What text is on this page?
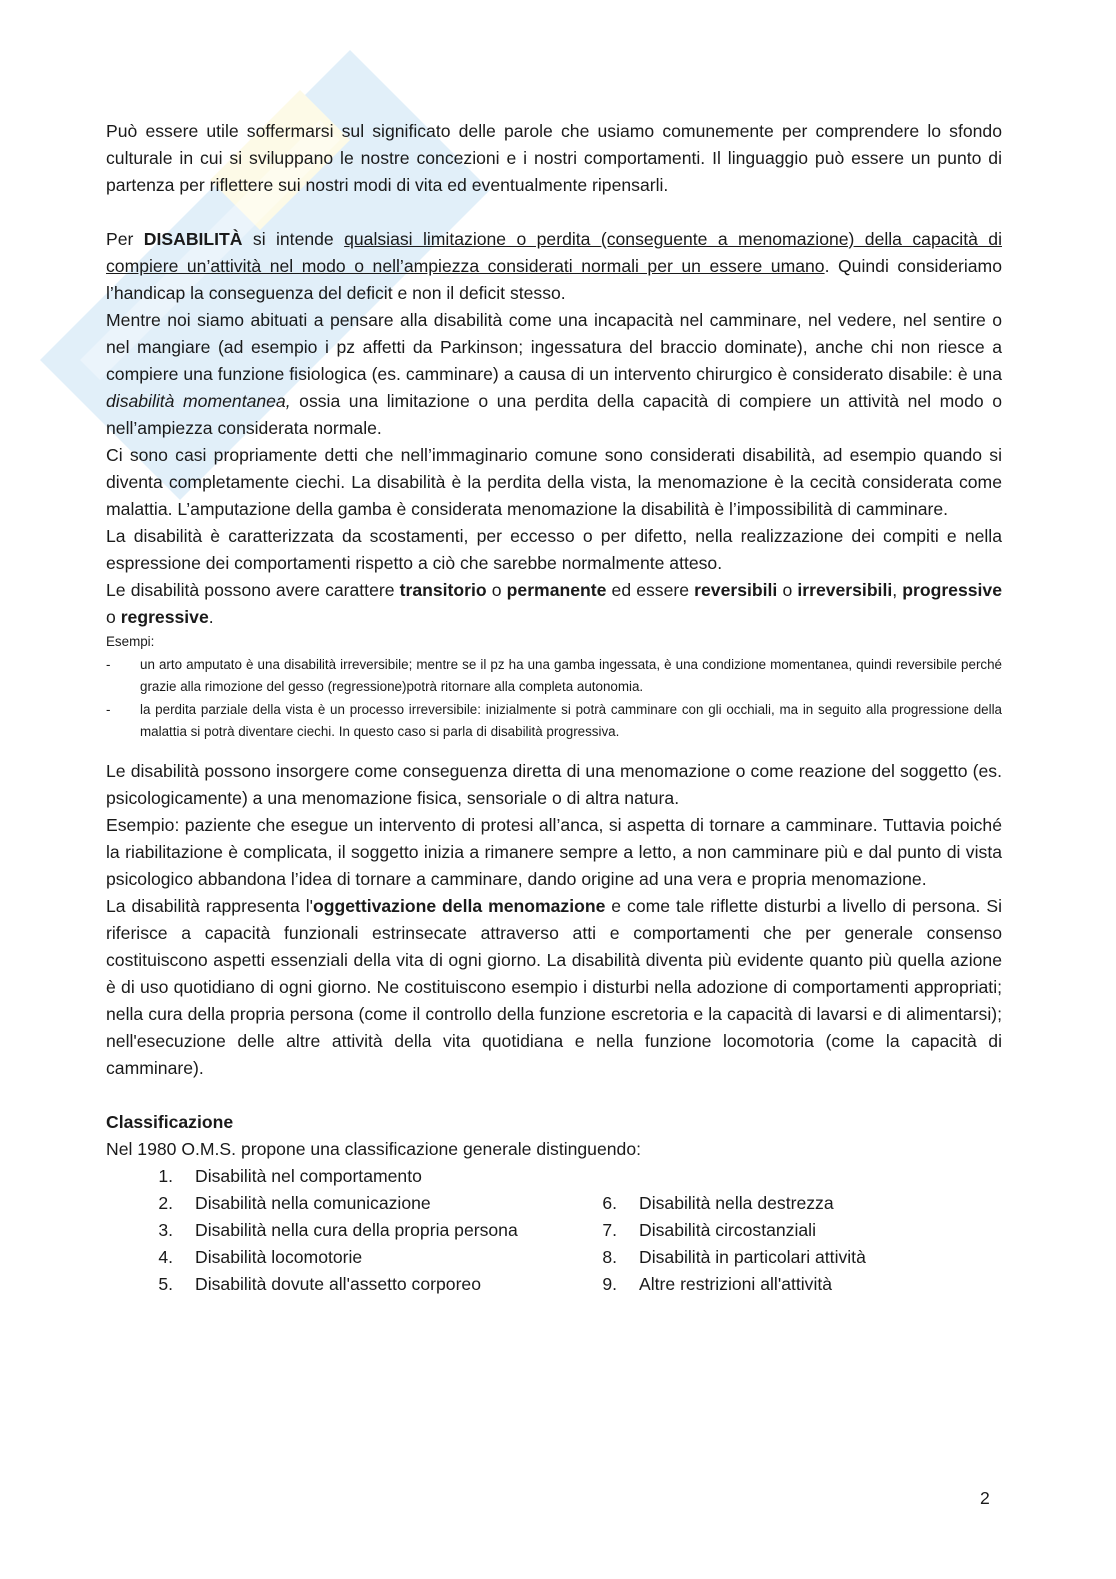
Può essere utile soffermarsi sul significato delle parole che usiamo comunemente per comprendere lo sfondo culturale in cui si sviluppano le nostre concezioni e i nostri comportamenti. Il linguaggio può essere un punto di partenza per riflettere sui nostri modi di vita ed eventualmente ripensarli.

Per DISABILITÀ si intende qualsiasi limitazione o perdita (conseguente a menomazione) della capacità di compiere un’attività nel modo o nell’ampiezza considerati normali per un essere umano. Quindi consideriamo l’handicap la conseguenza del deficit e non il deficit stesso.

Mentre noi siamo abituati a pensare alla disabilità come una incapacità nel camminare, nel vedere, nel sentire o nel mangiare (ad esempio i pz affetti da Parkinson; ingessatura del braccio dominate), anche chi non riesce a compiere una funzione fisiologica (es. camminare) a causa di un intervento chirurgico è considerato disabile: è una disabilità momentanea, ossia una limitazione o una perdita della capacità di compiere un attività nel modo o nell’ampiezza considerata normale.

Ci sono casi propriamente detti che nell’immaginario comune sono considerati disabilità, ad esempio quando si diventa completamente ciechi. La disabilità è la perdita della vista, la menomazione è la cecità considerata come malattia. L’amputazione della gamba è considerata menomazione la disabilità è l’impossibilità di camminare.

La disabilità è caratterizzata da scostamenti, per eccesso o per difetto, nella realizzazione dei compiti e nella espressione dei comportamenti rispetto a ciò che sarebbe normalmente atteso.

Le disabilità possono avere carattere transitorio o permanente ed essere reversibili o irreversibili, progressive o regressive.

Esempi:
- un arto amputato è una disabilità irreversibile; mentre se il pz ha una gamba ingessata, è una condizione momentanea, quindi reversibile perché grazie alla rimozione del gesso (regressione)potrà ritornare alla completa autonomia.
- la perdita parziale della vista è un processo irreversibile: inizialmente si potrà camminare con gli occhiali, ma in seguito alla progressione della malattia si potrà diventare ciechi. In questo caso si parla di disabilità progressiva.

Le disabilità possono insorgere come conseguenza diretta di una menomazione o come reazione del soggetto (es. psicologicamente) a una menomazione fisica, sensoriale o di altra natura.

Esempio: paziente che esegue un intervento di protesi all’anca, si aspetta di tornare a camminare. Tuttavia poiché la riabilitazione è complicata, il soggetto inizia a rimanere sempre a letto, a non camminare più e dal punto di vista psicologico abbandona l’idea di tornare a camminare, dando origine ad una vera e propria menomazione.

La disabilità rappresenta l'oggettivazione della menomazione e come tale riflette disturbi a livello di persona. Si riferisce a capacità funzionali estrinsecate attraverso atti e comportamenti che per generale consenso costituiscono aspetti essenziali della vita di ogni giorno. La disabilità diventa più evidente quanto più quella azione è di uso quotidiano di ogni giorno. Ne costituiscono esempio i disturbi nella adozione di comportamenti appropriati; nella cura della propria persona (come il controllo della funzione escretoria e la capacità di lavarsi e di alimentarsi); nell'esecuzione delle altre attività della vita quotidiana e nella funzione locomotoria (come la capacità di camminare).

Classificazione
Nel 1980 O.M.S. propone una classificazione generale distinguendo:
1.	Disabilità nel comportamento
2.	Disabilità nella comunicazione
3.	Disabilità nella cura della propria persona
4.	Disabilità locomotorie
5.	Disabilità dovute all'assetto corporeo
6.	Disabilità nella destrezza
7.	Disabilità circostanziali
8.	Disabilità in particolari attività
9.	Altre restrizioni all'attività
2
